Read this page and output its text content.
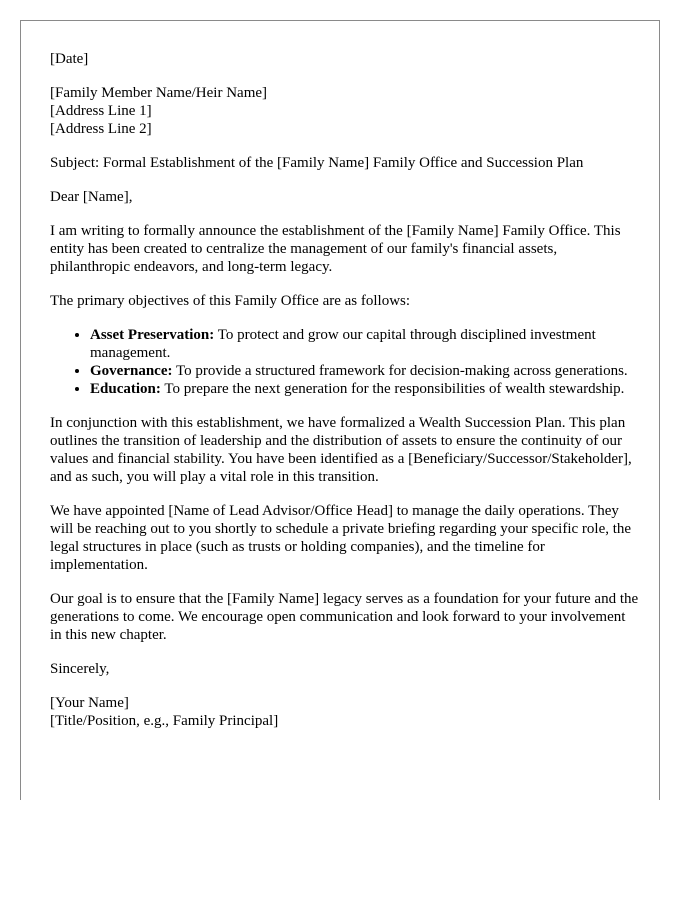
[Date]

[Family Member Name/Heir Name]
[Address Line 1]
[Address Line 2]

Subject: Formal Establishment of the [Family Name] Family Office and Succession Plan

Dear [Name],

I am writing to formally announce the establishment of the [Family Name] Family Office. This entity has been created to centralize the management of our family's financial assets, philanthropic endeavors, and long-term legacy.

The primary objectives of this Family Office are as follows:

• Asset Preservation: To protect and grow our capital through disciplined investment management.
• Governance: To provide a structured framework for decision-making across generations.
• Education: To prepare the next generation for the responsibilities of wealth stewardship.

In conjunction with this establishment, we have formalized a Wealth Succession Plan. This plan outlines the transition of leadership and the distribution of assets to ensure the continuity of our values and financial stability. You have been identified as a [Beneficiary/Successor/Stakeholder], and as such, you will play a vital role in this transition.

We have appointed [Name of Lead Advisor/Office Head] to manage the daily operations. They will be reaching out to you shortly to schedule a private briefing regarding your specific role, the legal structures in place (such as trusts or holding companies), and the timeline for implementation.

Our goal is to ensure that the [Family Name] legacy serves as a foundation for your future and the generations to come. We encourage open communication and look forward to your involvement in this new chapter.

Sincerely,

[Your Name]
[Title/Position, e.g., Family Principal]
